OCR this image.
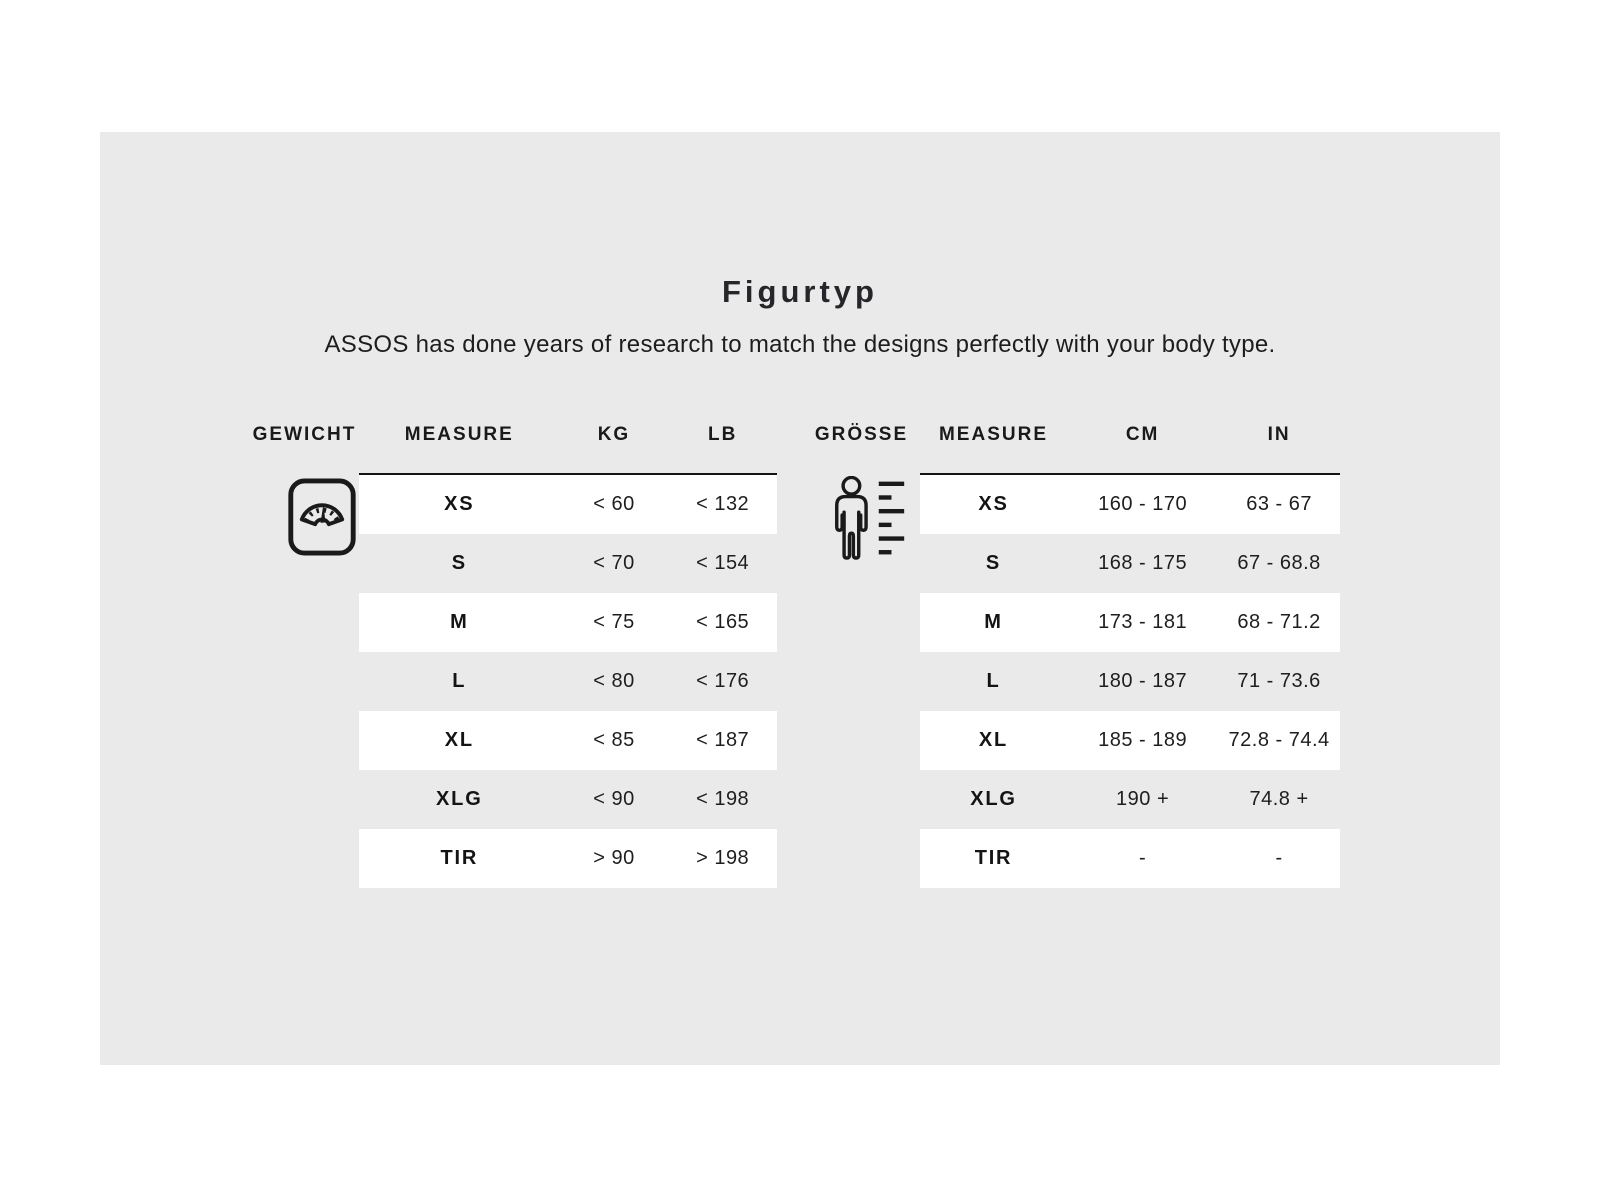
Figurtyp

ASSOS has done years of research to match the designs perfectly with your body type.

GEWICHT	MEASURE	KG	LB
XS	< 60	< 132
S	< 70	< 154
M	< 75	< 165
L	< 80	< 176
XL	< 85	< 187
XLG	< 90	< 198
TIR	> 90	> 198
GRÖSSE	MEASURE	CM	IN
XS	160 - 170	63 - 67
S	168 - 175	67 - 68.8
M	173 - 181	68 - 71.2
L	180 - 187	71 - 73.6
XL	185 - 189	72.8 - 74.4
XLG	190 +	74.8 +
TIR	-	-
